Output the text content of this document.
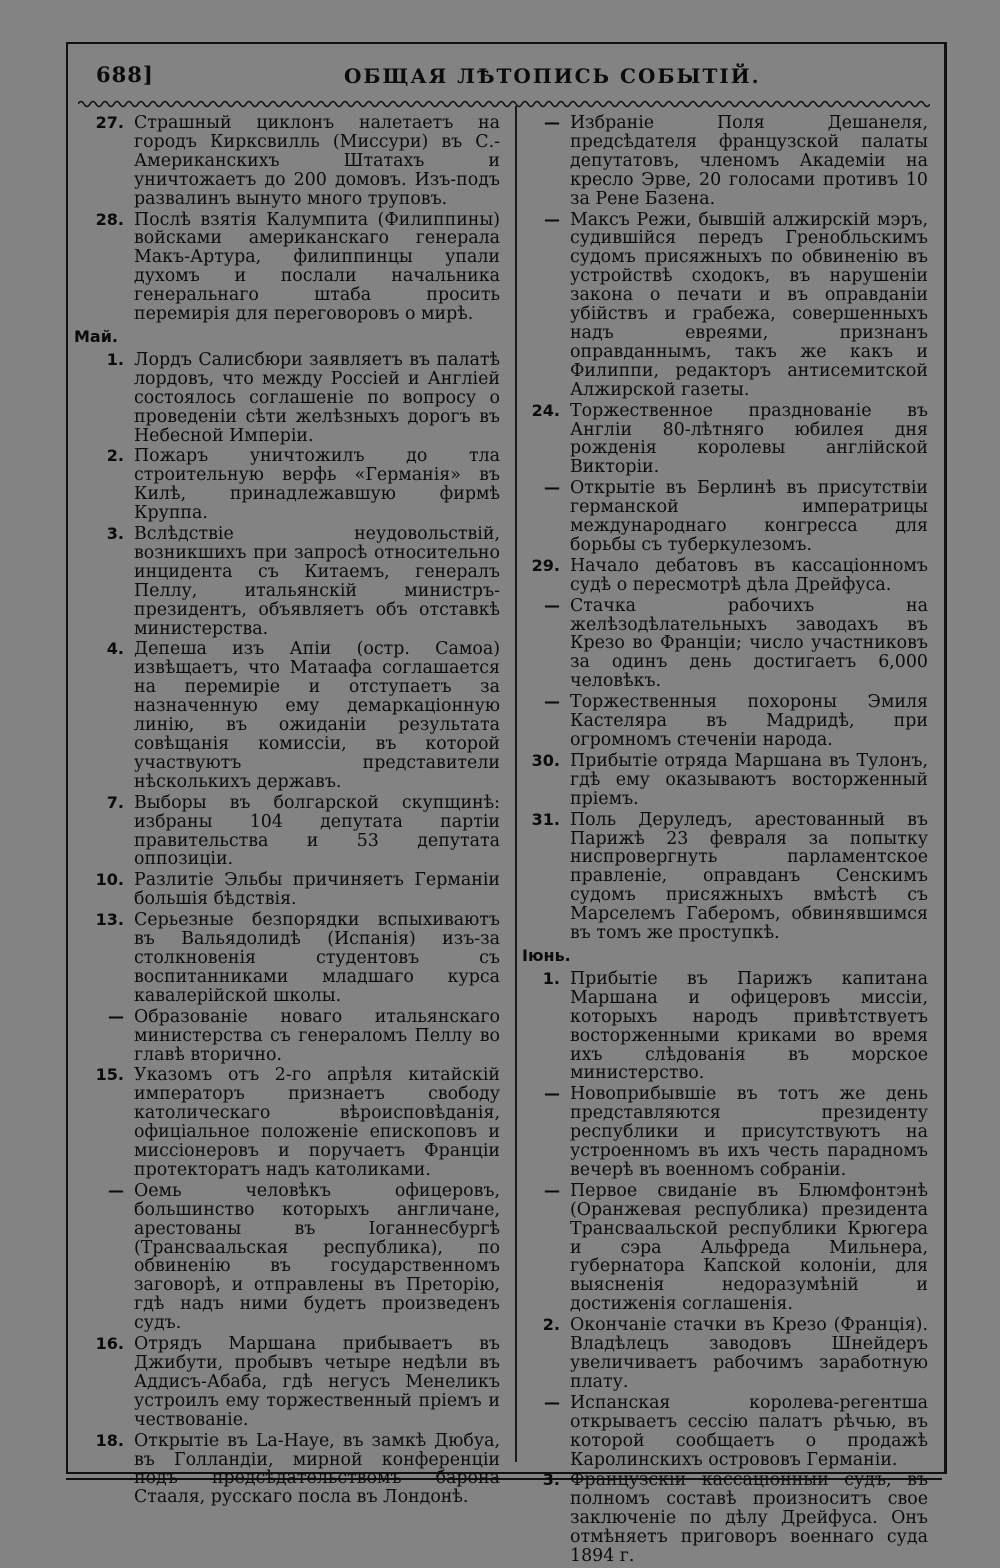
688]	ОБЩАЯ ЛѢТОПИСЬ СОБЫТІЙ.
27. Страшный циклонъ налетаетъ на городъ Кирксвилль (Миссури) въ С.-Американскихъ Штатахъ и уничтожаетъ до 200 домовъ. Изъ-подъ развалинъ вынуто много труповъ.
28. Послѣ взятія Калумпита (Филиппины) войсками американскаго генерала Макъ-Артура, филиппинцы упали духомъ и послали начальника генеральнаго штаба просить перемирія для переговоровъ о мирѣ.
Май.
1. Лордъ Салисбюри заявляетъ въ палатѣ лордовъ, что между Россіей и Англіей состоялось соглашеніе по вопросу о проведеніи сѣти желѣзныхъ дорогъ въ Небесной Имперіи.
2. Пожаръ уничтожилъ до тла строительную верфь «Германія» въ Килѣ, принадлежавшую фирмѣ Круппа.
3. Вслѣдствіе неудовольствій, возникшихъ при запросѣ относительно инцидента съ Китаемъ, генералъ Пеллу, итальянскій министръ-президентъ, объявляетъ объ отставкѣ министерства.
4. Депеша изъ Апіи (остр. Самоа) извѣщаетъ, что Матаафа соглашается на перемиріе и отступаетъ за назначенную ему демаркаціонную линію, въ ожиданіи результата совѣщанія комиссіи, въ которой участвуютъ представители нѣсколькихъ державъ.
7. Выборы въ болгарской скупщинѣ: избраны 104 депутата партіи правительства и 53 депутата оппозиціи.
10. Разлитіе Эльбы причиняетъ Германіи большія бѣдствія.
13. Серьезные безпорядки вспыхиваютъ въ Вальядолидѣ (Испанія) изъ-за столкновенія студентовъ съ воспитанниками младшаго курса кавалерійской школы.
— Образованіе новаго итальянскаго министерства съ генераломъ Пеллу во главѣ вторично.
15. Указомъ отъ 2-го апрѣля китайскій императоръ признаетъ свободу католическаго вѣроисповѣданія, офиціальное положеніе епископовъ и миссіонеровъ и поручаетъ Франціи протекторатъ надъ католиками.
— Оемь человѣкъ офицеровъ, большинство которыхъ англичане, арестованы въ Іоганнесбургѣ (Трансваальская республика), по обвиненію въ государственномъ заговорѣ, и отправлены въ Преторію, гдѣ надъ ними будетъ произведенъ судъ.
16. Отрядъ Маршана прибываетъ въ Джибути, пробывъ четыре недѣли въ Аддисъ-Абаба, гдѣ негусъ Менеликъ устроилъ ему торжественный пріемъ и чествованіе.
18. Открытіе въ La-Haye, въ замкѣ Дюбуа, въ Голландіи, мирной конференціи подъ предсѣдательствомъ барона Стааля, русскаго посла въ Лондонѣ.
— Избраніе Поля Дешанеля, предсѣдателя французской палаты депутатовъ, членомъ Академіи на кресло Эрве, 20 голосами противъ 10 за Рене Базена.
— Максъ Режи, бывшій алжирскій мэръ, судившійся передъ Гренобльскимъ судомъ присяжныхъ по обвиненію въ устройствѣ сходокъ, въ нарушеніи закона о печати и въ оправданіи убійствъ и грабежа, совершенныхъ надъ евреями, признанъ оправданнымъ, такъ же какъ и Филиппи, редакторъ антисемитской Алжирской газеты.
24. Торжественное празднованіе въ Англіи 80-лѣтняго юбилея дня рожденія королевы англійской Викторіи.
— Открытіе въ Берлинѣ въ присутствіи германской императрицы международнаго конгресса для борьбы съ туберкулезомъ.
29. Начало дебатовъ въ кассаціонномъ судѣ о пересмотрѣ дѣла Дрейфуса.
— Стачка рабочихъ на желѣзодѣлательныхъ заводахъ въ Крезо во Франціи; число участниковъ за одинъ день достигаетъ 6,000 человѣкъ.
— Торжественныя похороны Эмиля Кастеляра въ Мадридѣ, при огромномъ стеченіи народа.
30. Прибытіе отряда Маршана въ Тулонъ, гдѣ ему оказываютъ восторженный пріемъ.
31. Поль Деруледъ, арестованный въ Парижѣ 23 февраля за попытку ниспровергнуть парламентское правленіе, оправданъ Сенскимъ судомъ присяжныхъ вмѣстѣ съ Марселемъ Габеромъ, обвинявшимся въ томъ же проступкѣ.
Іюнь.
1. Прибытіе въ Парижъ капитана Маршана и офицеровъ миссіи, которыхъ народъ привѣтствуетъ восторженными криками во время ихъ слѣдованія въ морское министерство.
— Новоприбывшіе въ тотъ же день представляются президенту республики и присутствуютъ на устроенномъ въ ихъ честь парадномъ вечерѣ въ военномъ собраніи.
— Первое свиданіе въ Блюмфонтэнѣ (Оранжевая республика) президента Трансваальской республики Крюгера и сэра Альфреда Мильнера, губернатора Капской колоніи, для выясненія недоразумѣній и достиженія соглашенія.
2. Окончаніе стачки въ Крезо (Франція). Владѣлецъ заводовъ Шнейдеръ увеличиваетъ рабочимъ заработную плату.
— Испанская королева-регентша открываетъ сессію палатъ рѣчью, въ которой сообщаетъ о продажѣ Каролинскихъ острововъ Германіи.
3. Французскій кассаціонный судъ, въ полномъ составѣ произноситъ свое заключеніе по дѣлу Дрейфуса. Онъ отмѣняетъ приговоръ военнаго суда 1894 г.
